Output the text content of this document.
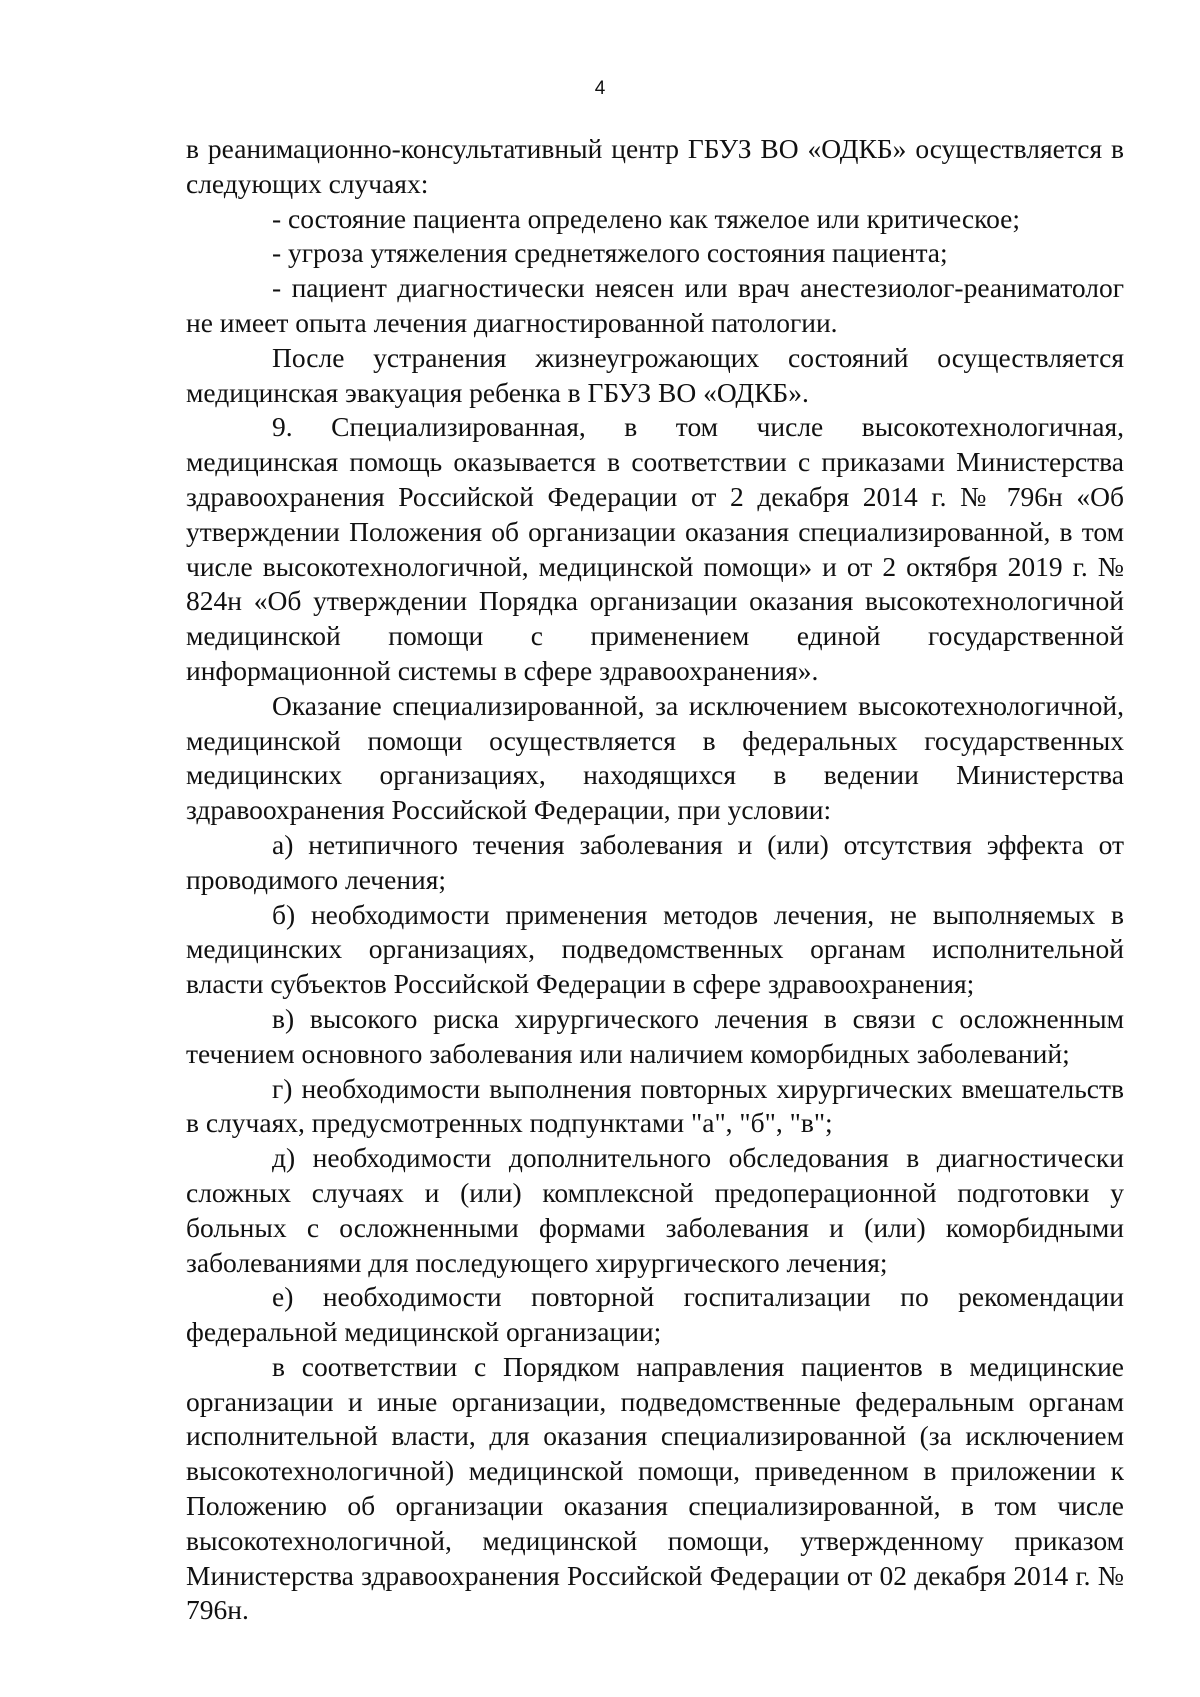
4

в реанимационно-консультативный центр ГБУЗ ВО «ОДКБ» осуществляется в следующих случаях:

- состояние пациента определено как тяжелое или критическое;

- угроза утяжеления среднетяжелого состояния пациента;

- пациент диагностически неясен или врач анестезиолог-реаниматолог не имеет опыта лечения диагностированной патологии.

После устранения жизнеугрожающих состояний осуществляется медицинская эвакуация ребенка в ГБУЗ ВО «ОДКБ».

9. Специализированная, в том числе высокотехнологичная, медицинская помощь оказывается в соответствии с приказами Министерства здравоохранения Российской Федерации от 2 декабря 2014 г. № 796н «Об утверждении Положения об организации оказания специализированной, в том числе высокотехнологичной, медицинской помощи» и от 2 октября 2019 г. № 824н «Об утверждении Порядка организации оказания высокотехнологичной медицинской помощи с применением единой государственной информационной системы в сфере здравоохранения».

Оказание специализированной, за исключением высокотехнологичной, медицинской помощи осуществляется в федеральных государственных медицинских организациях, находящихся в ведении Министерства здравоохранения Российской Федерации, при условии:

а) нетипичного течения заболевания и (или) отсутствия эффекта от проводимого лечения;

б) необходимости применения методов лечения, не выполняемых в медицинских организациях, подведомственных органам исполнительной власти субъектов Российской Федерации в сфере здравоохранения;

в) высокого риска хирургического лечения в связи с осложненным течением основного заболевания или наличием коморбидных заболеваний;

г) необходимости выполнения повторных хирургических вмешательств в случаях, предусмотренных подпунктами "а", "б", "в";

д) необходимости дополнительного обследования в диагностически сложных случаях и (или) комплексной предоперационной подготовки у больных с осложненными формами заболевания и (или) коморбидными заболеваниями для последующего хирургического лечения;

е) необходимости повторной госпитализации по рекомендации федеральной медицинской организации;

в соответствии с Порядком направления пациентов в медицинские организации и иные организации, подведомственные федеральным органам исполнительной власти, для оказания специализированной (за исключением высокотехнологичной) медицинской помощи, приведенном в приложении к Положению об организации оказания специализированной, в том числе высокотехнологичной, медицинской помощи, утвержденному приказом Министерства здравоохранения Российской Федерации от 02 декабря 2014 г. № 796н.
